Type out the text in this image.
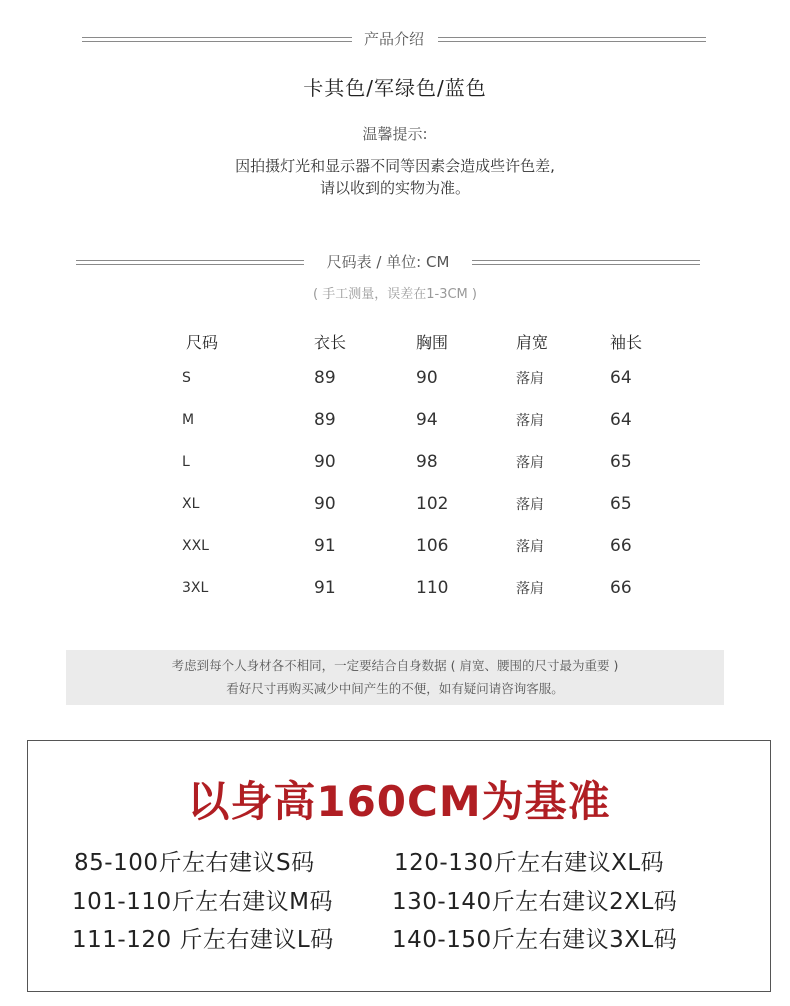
产品介绍
卡其色/军绿色/蓝色
温馨提示:
因拍摄灯光和显示器不同等因素会造成些许色差,
请以收到的实物为准。
尺码表 / 单位: CM
( 手工测量，误差在1-3CM )
尺码	衣长	胸围	肩宽	袖长
S	89	90	落肩	64
M	89	94	落肩	64
L	90	98	落肩	65
XL	90	102	落肩	65
XXL	91	106	落肩	66
3XL	91	110	落肩	66
考虑到每个人身材各不相同，一定要结合自身数据 ( 肩宽、腰围的尺寸最为重要 )
看好尺寸再购买减少中间产生的不便，如有疑问请咨询客服。
以身高160CM为基准
85-100斤左右建议S码
101-110斤左右建议M码
111-120 斤左右建议L码
120-130斤左右建议XL码
130-140斤左右建议2XL码
140-150斤左右建议3XL码
